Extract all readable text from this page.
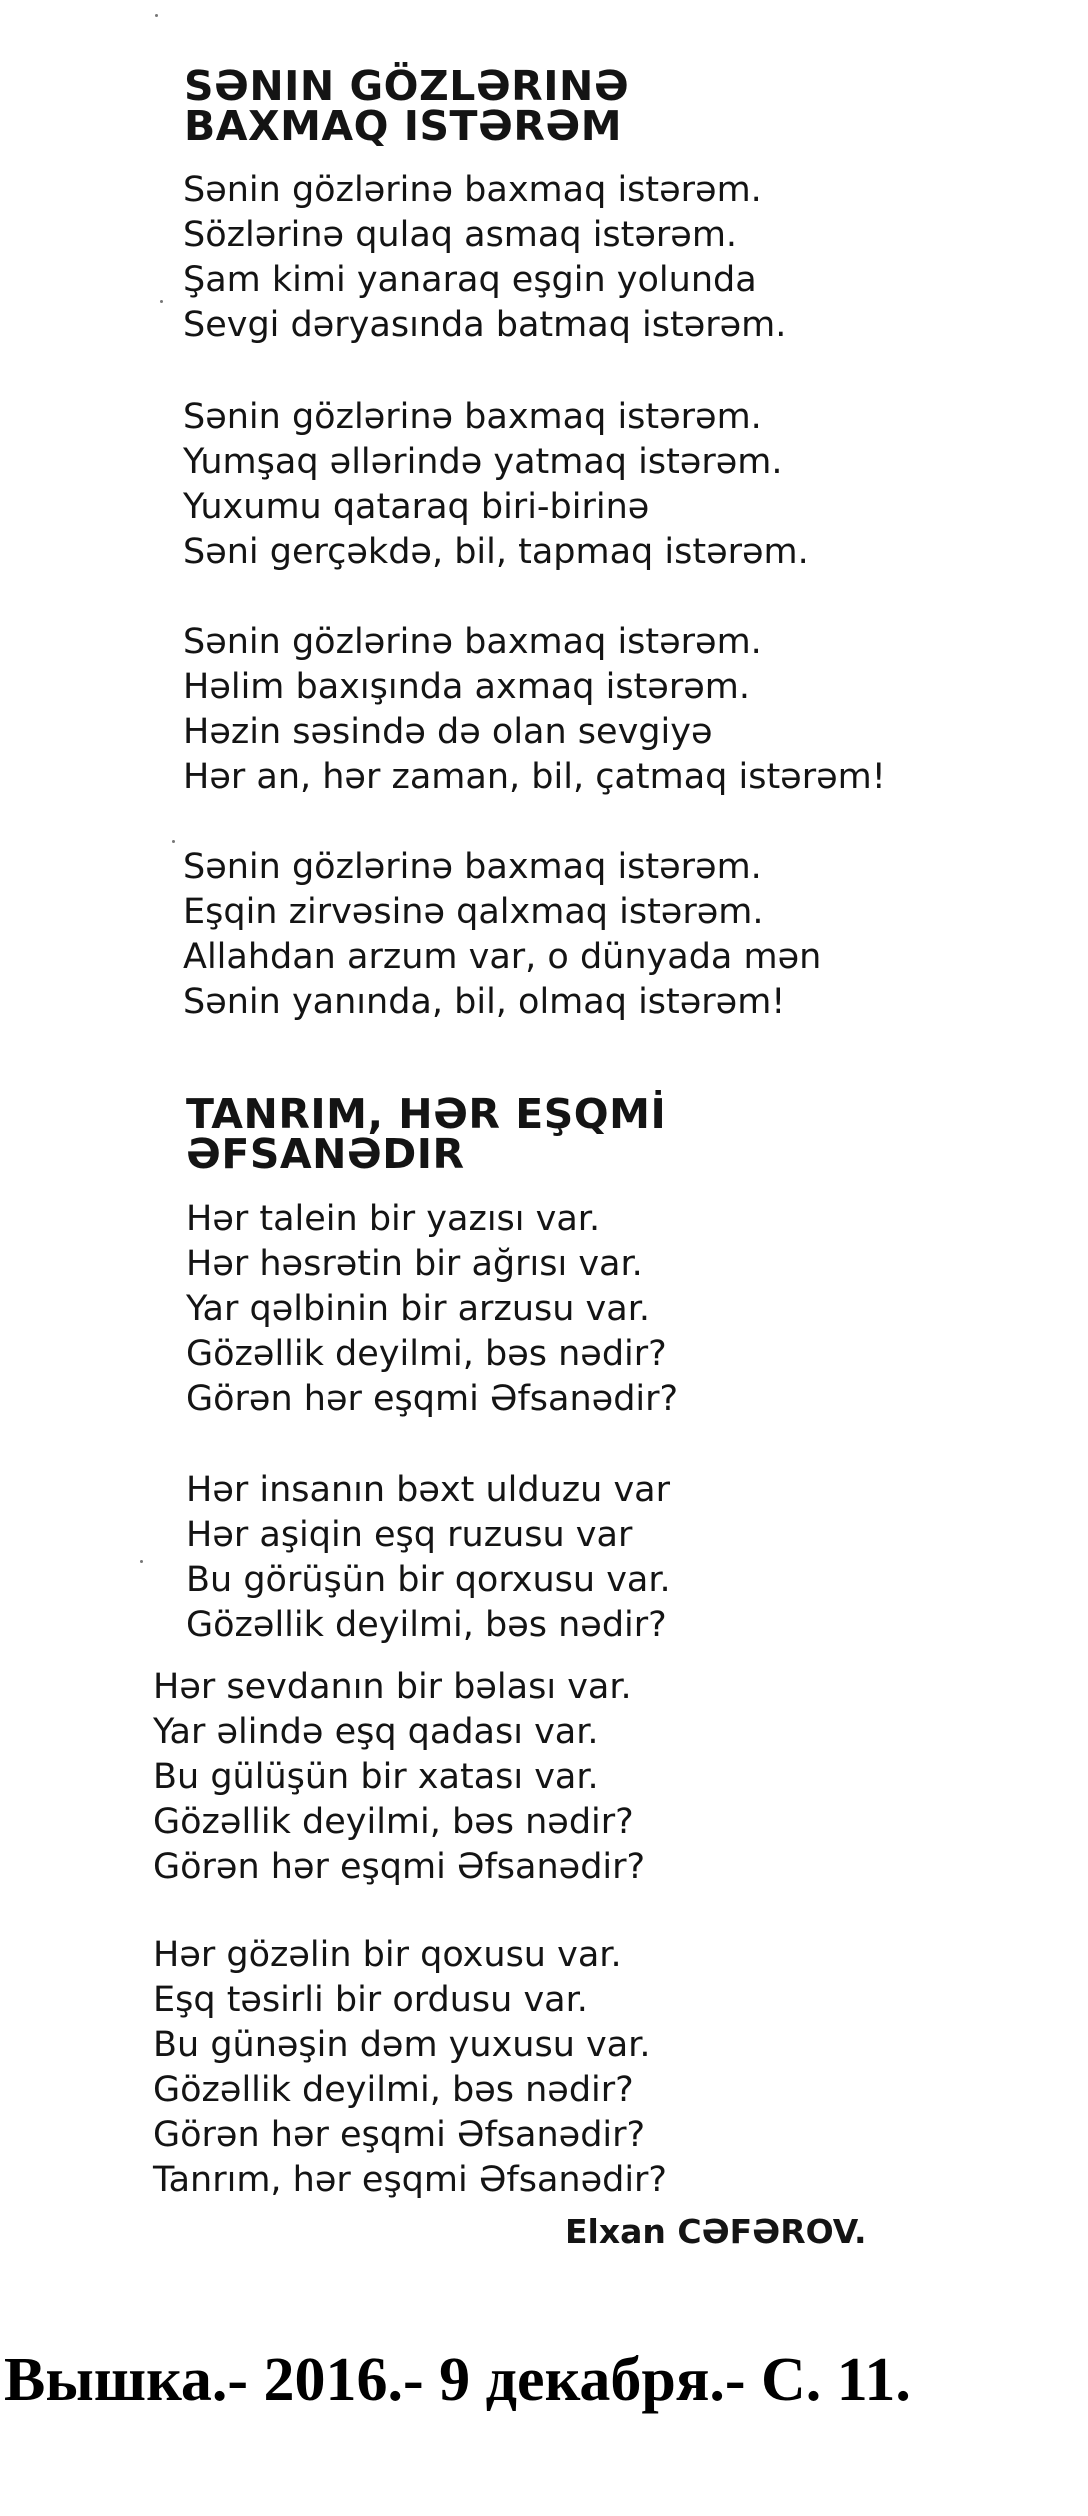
SƏNIN GÖZLƏRINƏ
BAXMAQ ISTƏRƏM
Sənin gözlərinə baxmaq istərəm.
Sözlərinə qulaq asmaq istərəm.
Şam kimi yanaraq eşgin yolunda
Sevgi dəryasında batmaq istərəm.
Sənin gözlərinə baxmaq istərəm.
Yumşaq əllərində yatmaq istərəm.
Yuxumu qataraq biri-birinə
Səni gerçəkdə, bil, tapmaq istərəm.
Sənin gözlərinə baxmaq istərəm.
Həlim baxışında axmaq istərəm.
Həzin səsində də olan sevgiyə
Hər an, hər zaman, bil, çatmaq istərəm!
Sənin gözlərinə baxmaq istərəm.
Eşqin zirvəsinə qalxmaq istərəm.
Allahdan arzum var, o dünyada mən
Sənin yanında, bil, olmaq istərəm!
TANRIM, HƏR EŞQMİ
ƏFSANƏDIR
Hər talein bir yazısı var.
Hər həsrətin bir ağrısı var.
Yar qəlbinin bir arzusu var.
Gözəllik deyilmi, bəs nədir?
Görən hər eşqmi Əfsanədir?
Hər insanın bəxt ulduzu var
Hər aşiqin eşq ruzusu var
Bu görüşün bir qorxusu var.
Gözəllik deyilmi, bəs nədir?
Hər sevdanın bir bəlası var.
Yar əlində eşq qadası var.
Bu gülüşün bir xatası var.
Gözəllik deyilmi, bəs nədir?
Görən hər eşqmi Əfsanədir?
Hər gözəlin bir qoxusu var.
Eşq təsirli bir ordusu var.
Bu günəşin dəm yuxusu var.
Gözəllik deyilmi, bəs nədir?
Görən hər eşqmi Əfsanədir?
Tanrım, hər eşqmi Əfsanədir?
Elxan CƏFƏROV.
Вышка.- 2016.- 9 декабря.- С. 11.
